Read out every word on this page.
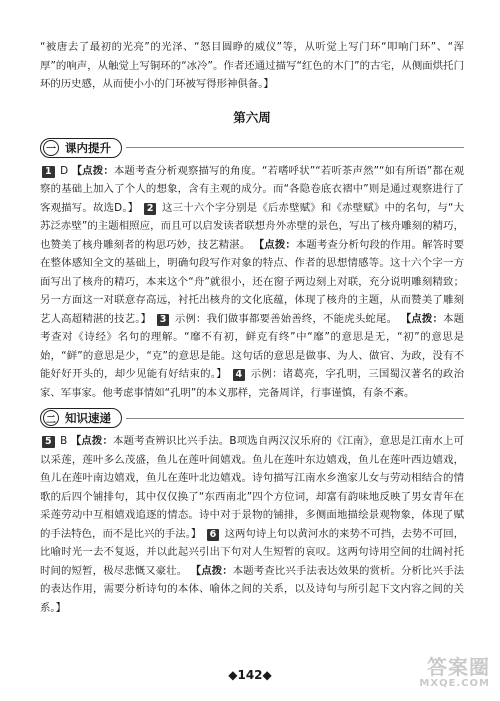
“被唐去了最初的光亮”的光泽、“怒目圆睁的威仪”等，从听觉上写门环“叩响门环”、“浑厚”的响声，从触觉上写铜环的“冰冷”。作者还通过描写“红色的木门”的古宅，从侧面烘托门环的历史感，从而使小小的门环被写得形神俱备。】

第六周
一 课内提升

1 D 【点拨：本题考查分析观察描写的角度。“若嗜呼状”“若听茶声然”“如有所语”都在观察的基础上加入了个人的想象，含有主观的成分。而“各隐卷底衣褶中”则是通过观察进行了客观描写。故选D。】 2 这三十六个字分别是《后赤壁赋》和《赤壁赋》中的名句，与“大苏泛赤壁”的主题相照应，而且可以启发读者联想舟外赤壁的景色，写出了核舟雕刻的精巧，也赞美了核舟雕刻者的构思巧妙，技艺精湛。 【点拨：本题考查分析句段的作用。解答时要在整体感知全文的基础上，明确句段写作对象的特点、作者的思想情感等。这十六个字一方面写出了核舟的精巧，本来这个“舟”就很小，还在窗子两边刻上对联，充分说明雕刻精致；另一方面这一对联意存高远，衬托出核舟的文化底蕴，体现了核舟的主题，从而赞美了雕刻艺人高超精湛的技艺。】 3 示例：我们做事都要善始善终，不能虎头蛇尾。 【点拨：本题考查对《诗经》名句的理解。“靡不有初，鲜克有终”中“靡”的意思是无，“初”的意思是始，“鲜”的意思是少，“克”的意思是能。这句话的意思是做事、为人、做官、为政，没有不能好好开头的，却少见能有好结束的。】 4 示例：诸葛亮，字孔明，三国蜀汉著名的政治家、军事家。他考虑事情如“孔明”的本义那样，完备周详，行事谨慎，有条不紊。

二 知识速递

5 B 【点拨：本题考查辨识比兴手法。B项选自两汉汉乐府的《江南》，意思是江南水上可以采莲，莲叶多么茂盛，鱼儿在莲叶间嬉戏。鱼儿在莲叶东边嬉戏，鱼儿在莲叶西边嬉戏，鱼儿在莲叶南边嬉戏，鱼儿在莲叶北边嬉戏。诗句描写江南水乡渔家儿女与劳动相结合的情歌的后四个铺排句，其中仅仅换了“东西南北”四个方位词，却富有韵味地反映了男女青年在采莲劳动中互相嬉戏追逐的情态。诗中对于景物的铺排，多侧面地描绘景观物象，体现了赋的手法特色，而不是比兴的手法。】 6 这两句诗上句以黄河水的来势不可挡，去势不可回，比喻时光一去不复返，并以此起兴引出下句对人生短暂的哀叹。这两句诗用空间的壮阔衬托时间的短暂，极尽悲慨又豪壮。 【点拨：本题考查比兴手法表达效果的赏析。分析比兴手法的表达作用，需要分析诗句的本体、喻体之间的关系，以及诗句与所引起下文内容之间的关系。】

◆142◆	答案圈
MXQE.COM
